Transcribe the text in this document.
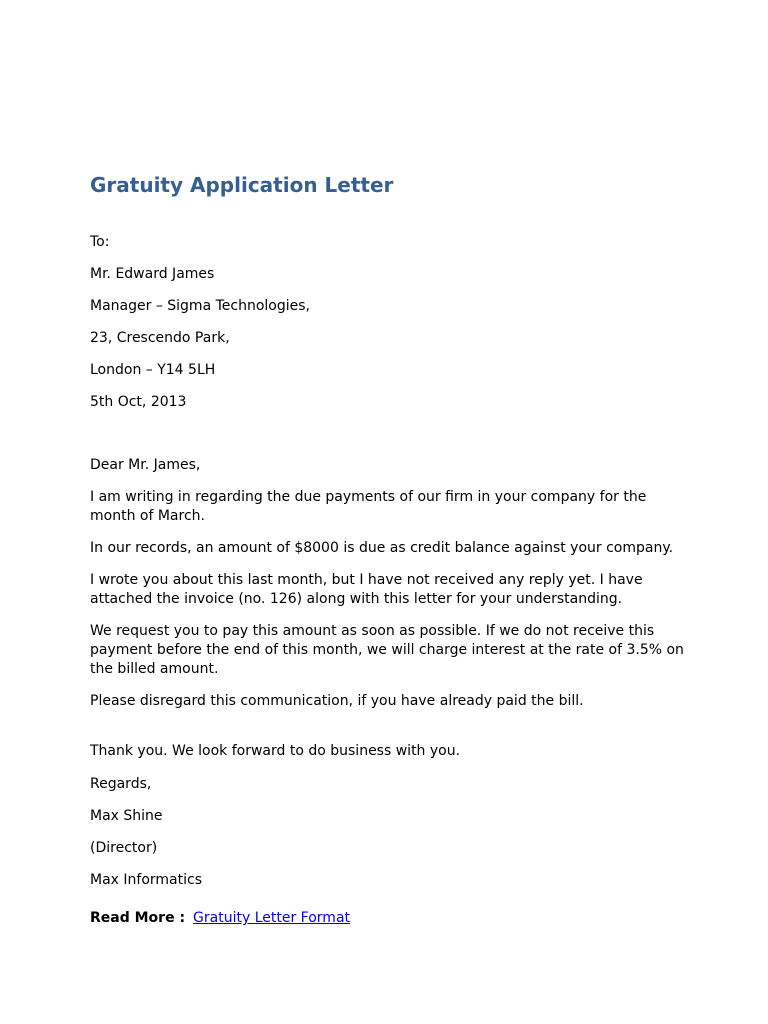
Gratuity Application Letter

To:

Mr. Edward James

Manager – Sigma Technologies,

23, Crescendo Park,

London – Y14 5LH

5th Oct, 2013

Dear Mr. James,

I am writing in regarding the due payments of our firm in your company for the month of March.

In our records, an amount of $8000 is due as credit balance against your company.

I wrote you about this last month, but I have not received any reply yet. I have attached the invoice (no. 126) along with this letter for your understanding.

We request you to pay this amount as soon as possible. If we do not receive this payment before the end of this month, we will charge interest at the rate of 3.5% on the billed amount.

Please disregard this communication, if you have already paid the bill.

Thank you. We look forward to do business with you.

Regards,

Max Shine

(Director)

Max Informatics

Read More : Gratuity Letter Format
